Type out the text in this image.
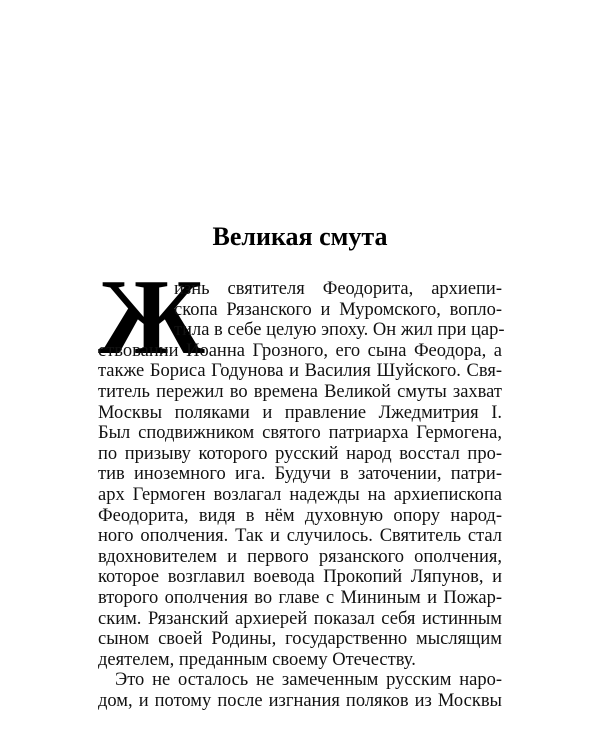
Великая смута
Ж
изнь святителя Феодорита, архиепи-
скопа Рязанского и Муромского, вопло-
тила в себе целую эпоху. Он жил при цар-
ствовании Иоанна Грозного, его сына Феодора, а
также Бориса Годунова и Василия Шуйского. Свя-
титель пережил во времена Великой смуты захват
Москвы поляками и правление Лжедмитрия I.
Был сподвижником святого патриарха Гермогена,
по призыву которого русский народ восстал про-
тив иноземного ига. Будучи в заточении, патри-
арх Гермоген возлагал надежды на архиепископа
Феодорита, видя в нём духовную опору народ-
ного ополчения. Так и случилось. Святитель стал
вдохновителем и первого рязанского ополчения,
которое возглавил воевода Прокопий Ляпунов, и
второго ополчения во главе с Мининым и Пожар-
ским. Рязанский архиерей показал себя истинным
сыном своей Родины, государственно мыслящим
деятелем, преданным своему Отечеству.
Это не осталось не замеченным русским наро-
дом, и потому после изгнания поляков из Москвы
